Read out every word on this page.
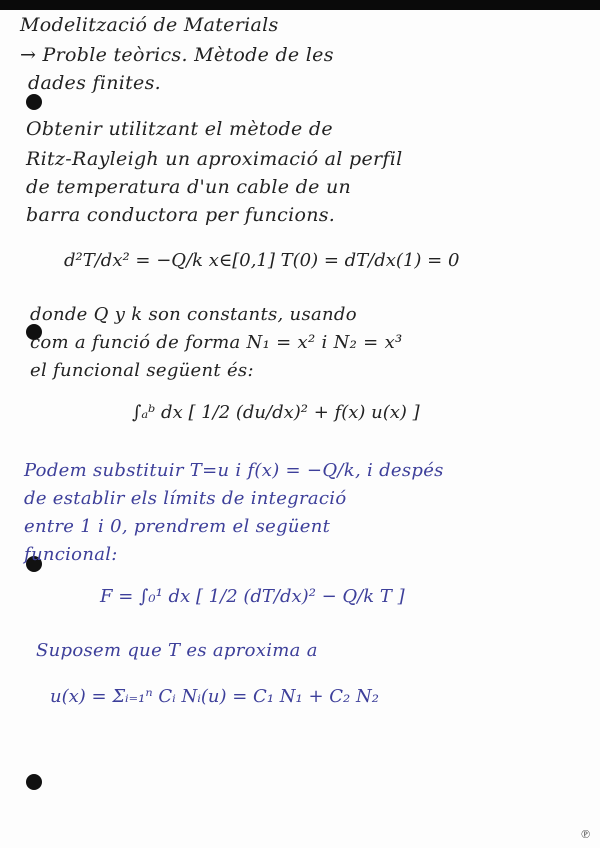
Modelització de Materials
→ Proble teòrics. Mètode de les
dades finites.
Obtenir utilitzant el mètode de
Ritz-Rayleigh un aproximació al perfil
de temperatura d'un cable de un
barra conductora per funcions.
d²T/dx² = −Q/k x∈[0,1] T(0) = dT/dx(1) = 0
donde Q y k son constants, usando
com a funció de forma N₁ = x² i N₂ = x³
el funcional següent és:
∫ₐᵇ dx [ 1/2 (du/dx)² + f(x) u(x) ]
Podem substituir T=u i f(x) = −Q/k, i despés
de establir els límits de integració
entre 1 i 0, prendrem el següent
funcional:
F = ∫₀¹ dx [ 1/2 (dT/dx)² − Q/k T ]
Suposem que T es aproxima a
u(x) = Σᵢ₌₁ⁿ Cᵢ Nᵢ(u) = C₁ N₁ + C₂ N₂
℗
